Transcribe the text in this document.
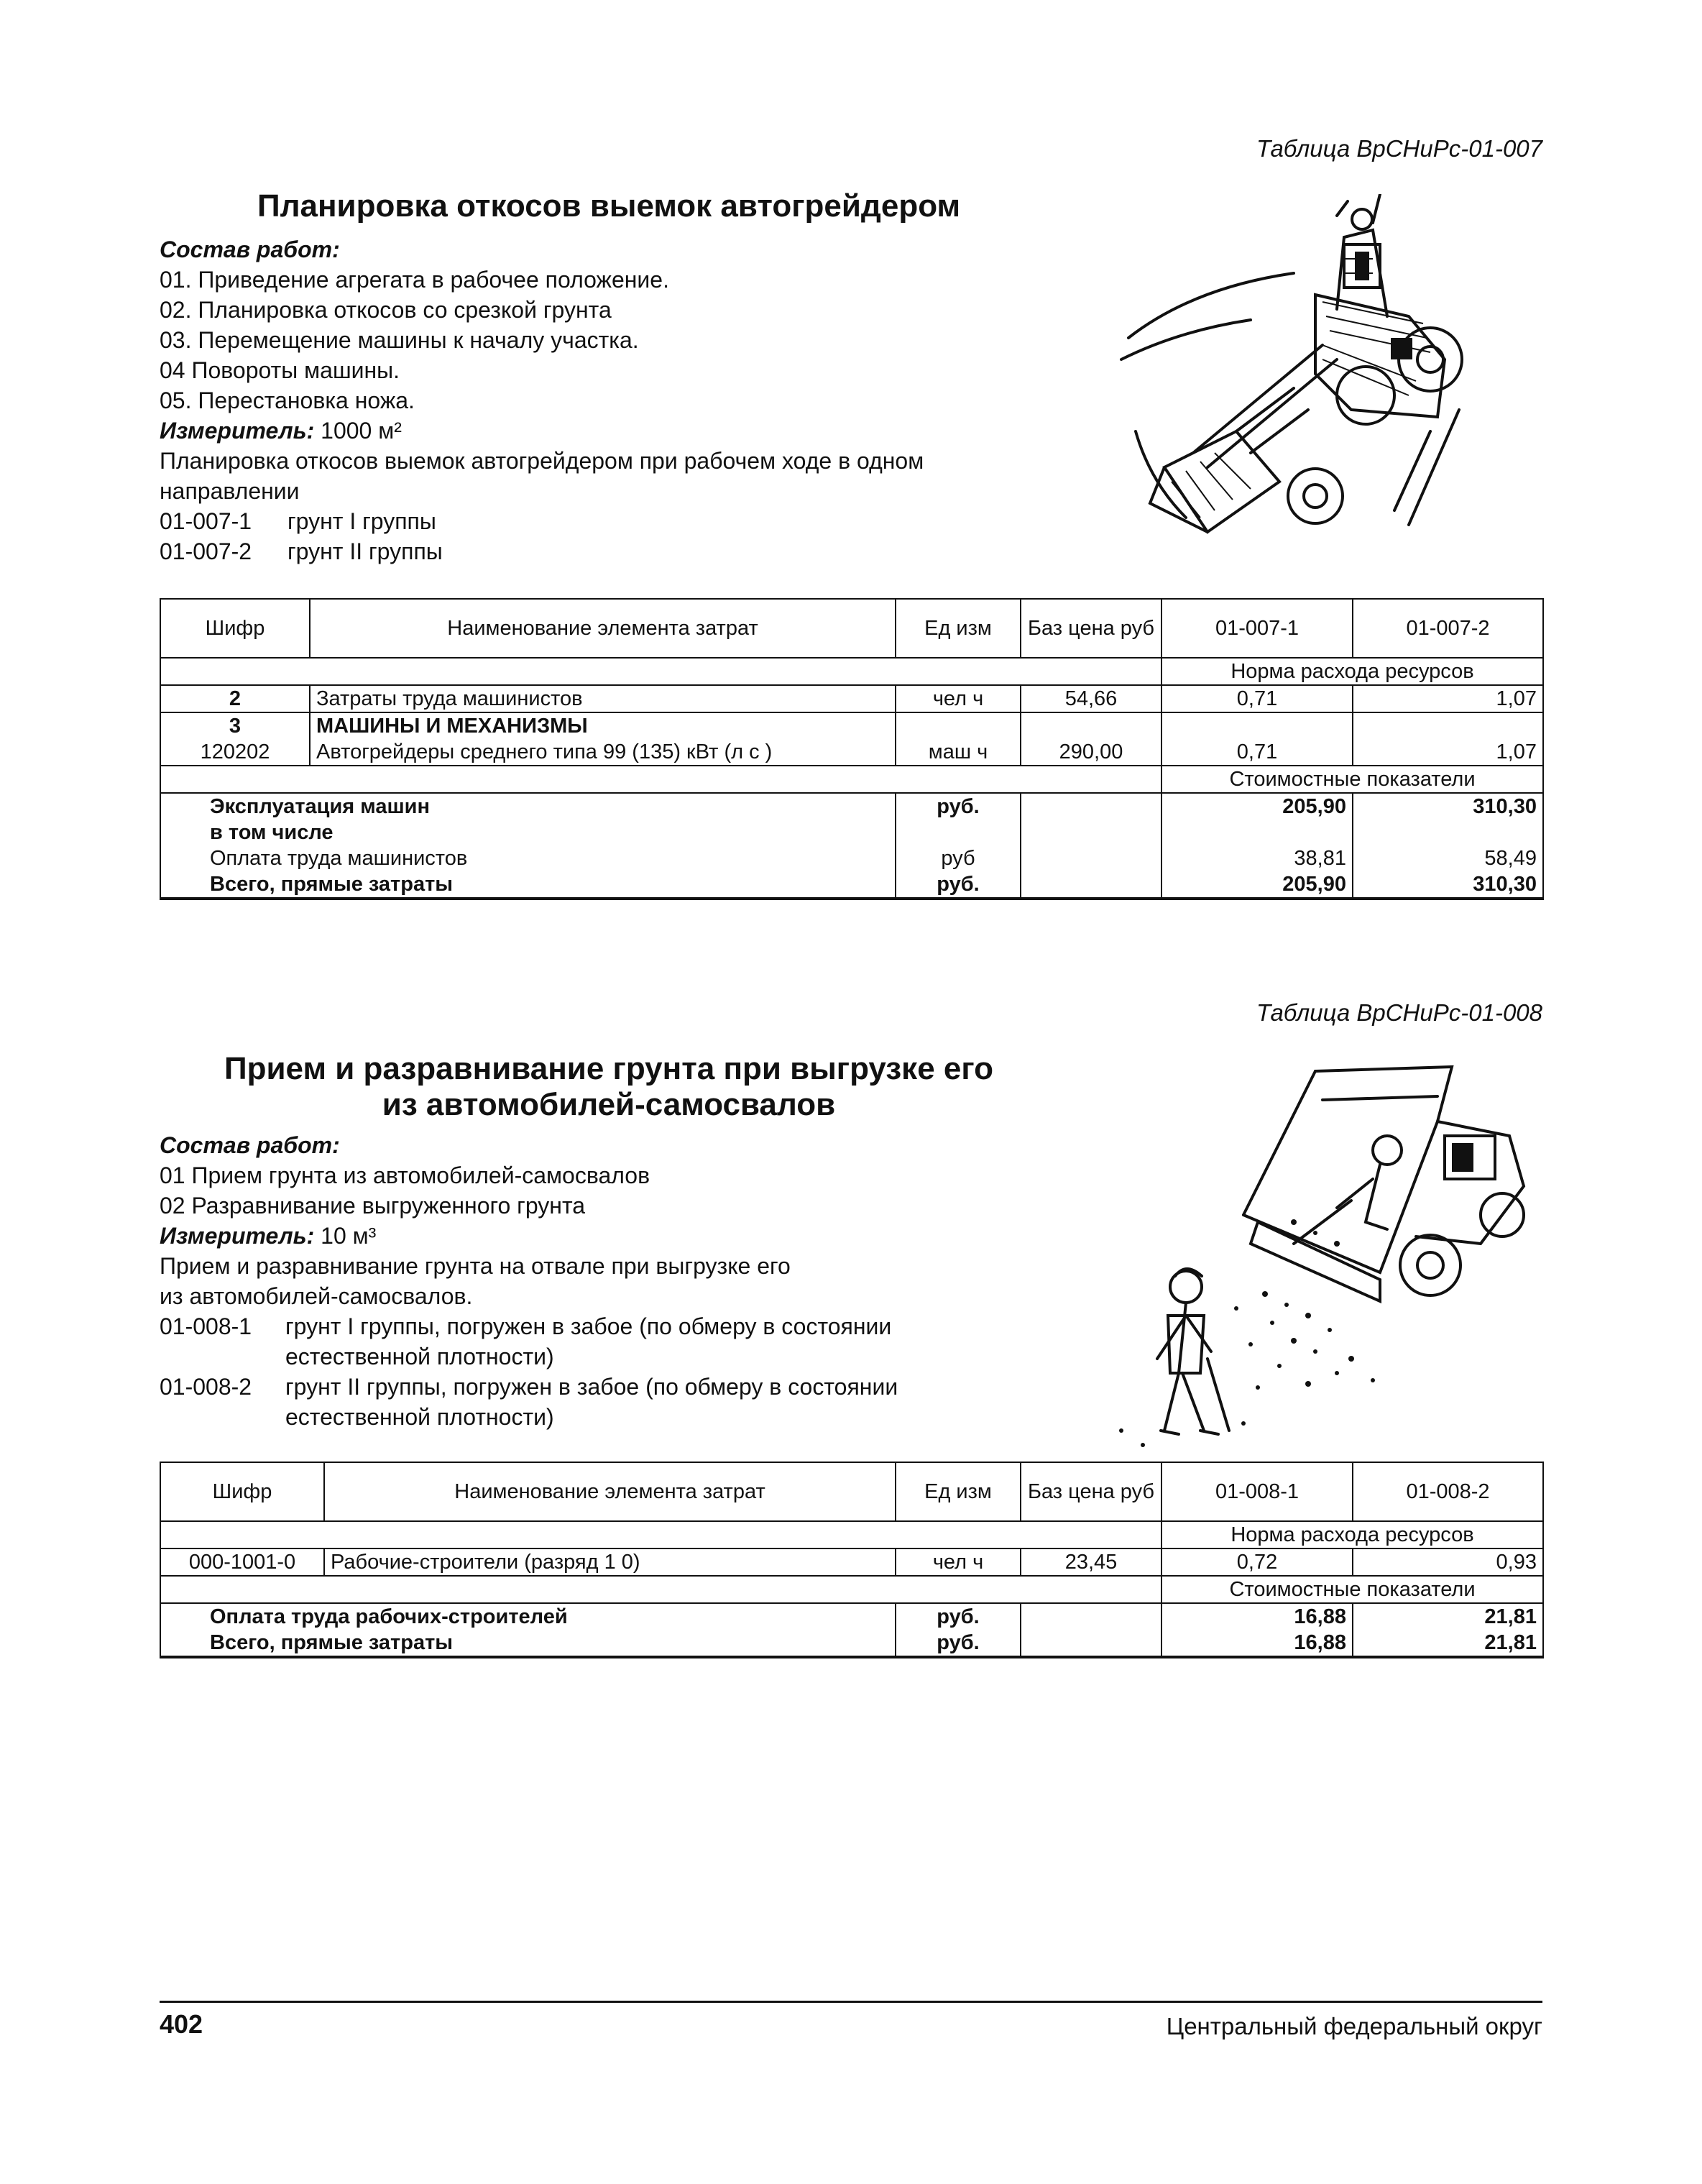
Таблица ВрСНиРс-01-007
Планировка откосов выемок автогрейдером
Состав работ:
01. Приведение агрегата в рабочее положение.
02. Планировка откосов со срезкой грунта
03. Перемещение машины к началу участка.
04 Повороты машины.
05. Перестановка ножа.
Измеритель: 1000 м²
Планировка откосов выемок автогрейдером при рабочем ходе в одном направлении
01-007-1 грунт I группы
01-007-2 грунт II группы
Шифр	Наименование элемента затрат	Ед изм	Баз цена руб	01-007-1	01-007-2
				Норма расхода ресурсов	
2	Затраты труда машинистов	чел ч	54,66	0,71	1,07
3	МАШИНЫ И МЕХАНИЗМЫ				
120202	Автогрейдеры среднего типа 99 (135) кВт (л с )	маш ч	290,00	0,71	1,07
				Стоимостные показатели	
Эксплуатация машин		руб.		205,90	310,30
в том числе					
Оплата труда машинистов		руб		38,81	58,49
Всего, прямые затраты		руб.		205,90	310,30
Таблица ВрСНиРс-01-008
Прием и разравнивание грунта при выгрузке его
из автомобилей-самосвалов
Состав работ:
01 Прием грунта из автомобилей-самосвалов
02 Разравнивание выгруженного грунта
Измеритель: 10 м³
Прием и разравнивание грунта на отвале при выгрузке его
из автомобилей-самосвалов.
01-008-1 грунт I группы, погружен в забое (по обмеру в состоянии естественной плотности)
01-008-2 грунт II группы, погружен в забое (по обмеру в состоянии естественной плотности)
Шифр	Наименование элемента затрат	Ед изм	Баз цена руб	01-008-1	01-008-2
				Норма расхода ресурсов	
000-1001-0	Рабочие-строители (разряд 1 0)	чел ч	23,45	0,72	0,93
				Стоимостные показатели	
Оплата труда рабочих-строителей		руб.		16,88	21,81
Всего, прямые затраты		руб.		16,88	21,81
402	Центральный федеральный округ
